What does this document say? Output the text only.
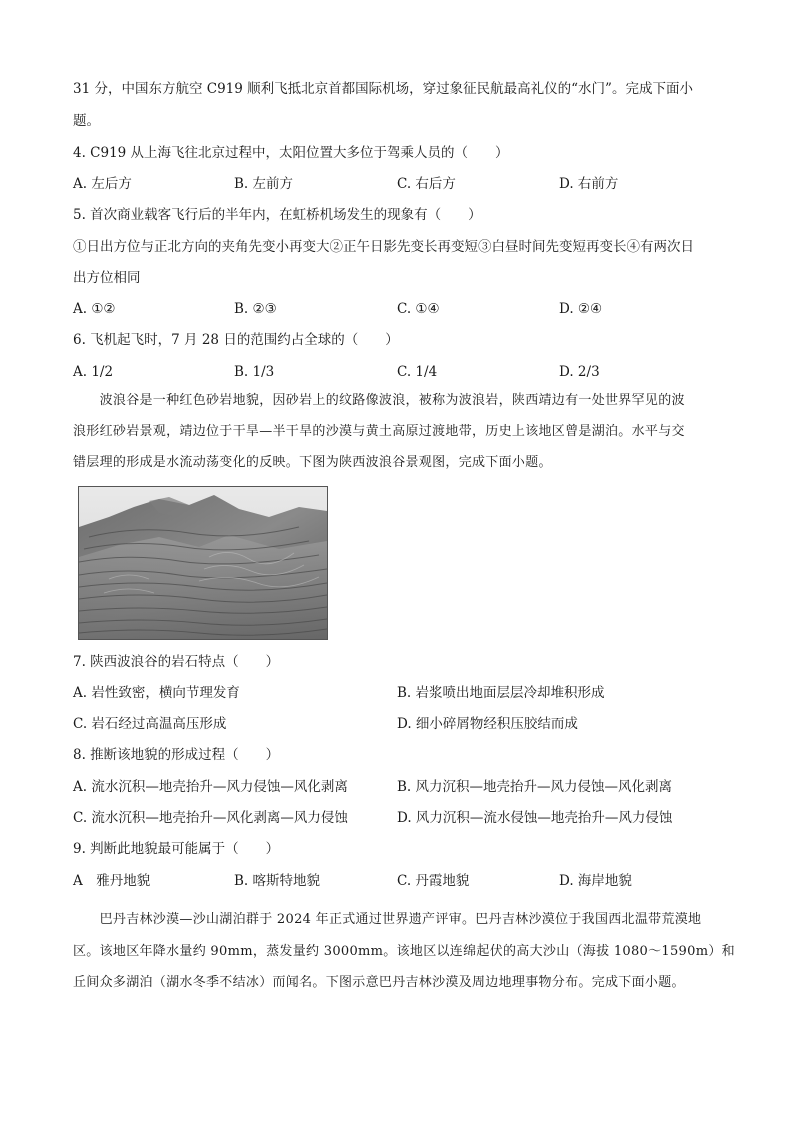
31 分，中国东方航空 C919 顺利飞抵北京首都国际机场，穿过象征民航最高礼仪的“水门”。完成下面小
题。
4. C919 从上海飞往北京过程中，太阳位置大多位于驾乘人员的（　　）
A. 左后方	B. 左前方	C. 右后方	D. 右前方
5. 首次商业载客飞行后的半年内，在虹桥机场发生的现象有（　　）
①日出方位与正北方向的夹角先变小再变大②正午日影先变长再变短③白昼时间先变短再变长④有两次日
出方位相同
A. ①②	B. ②③	C. ①④	D. ②④
6. 飞机起飞时，7 月 28 日的范围约占全球的（　　）
A. 1/2	B. 1/3	C. 1/4	D. 2/3
　　波浪谷是一种红色砂岩地貌，因砂岩上的纹路像波浪，被称为波浪岩，陕西靖边有一处世界罕见的波
浪形红砂岩景观，靖边位于干旱—半干旱的沙漠与黄土高原过渡地带，历史上该地区曾是湖泊。水平与交
错层理的形成是水流动荡变化的反映。下图为陕西波浪谷景观图，完成下面小题。
7. 陕西波浪谷的岩石特点（　　）
A. 岩性致密，横向节理发育	B. 岩浆喷出地面层层冷却堆积形成
C. 岩石经过高温高压形成	D. 细小碎屑物经积压胶结而成
8. 推断该地貌的形成过程（　　）
A. 流水沉积—地壳抬升—风力侵蚀—风化剥离	B. 风力沉积—地壳抬升—风力侵蚀—风化剥离
C. 流水沉积—地壳抬升—风化剥离—风力侵蚀	D. 风力沉积—流水侵蚀—地壳抬升—风力侵蚀
9. 判断此地貌最可能属于（　　）
A　雅丹地貌	B. 喀斯特地貌	C. 丹霞地貌	D. 海岸地貌
　　巴丹吉林沙漠—沙山湖泊群于 2024 年正式通过世界遗产评审。巴丹吉林沙漠位于我国西北温带荒漠地
区。该地区年降水量约 90mm，蒸发量约 3000mm。该地区以连绵起伏的高大沙山（海拔 1080～1590m）和
丘间众多湖泊（湖水冬季不结冰）而闻名。下图示意巴丹吉林沙漠及周边地理事物分布。完成下面小题。
